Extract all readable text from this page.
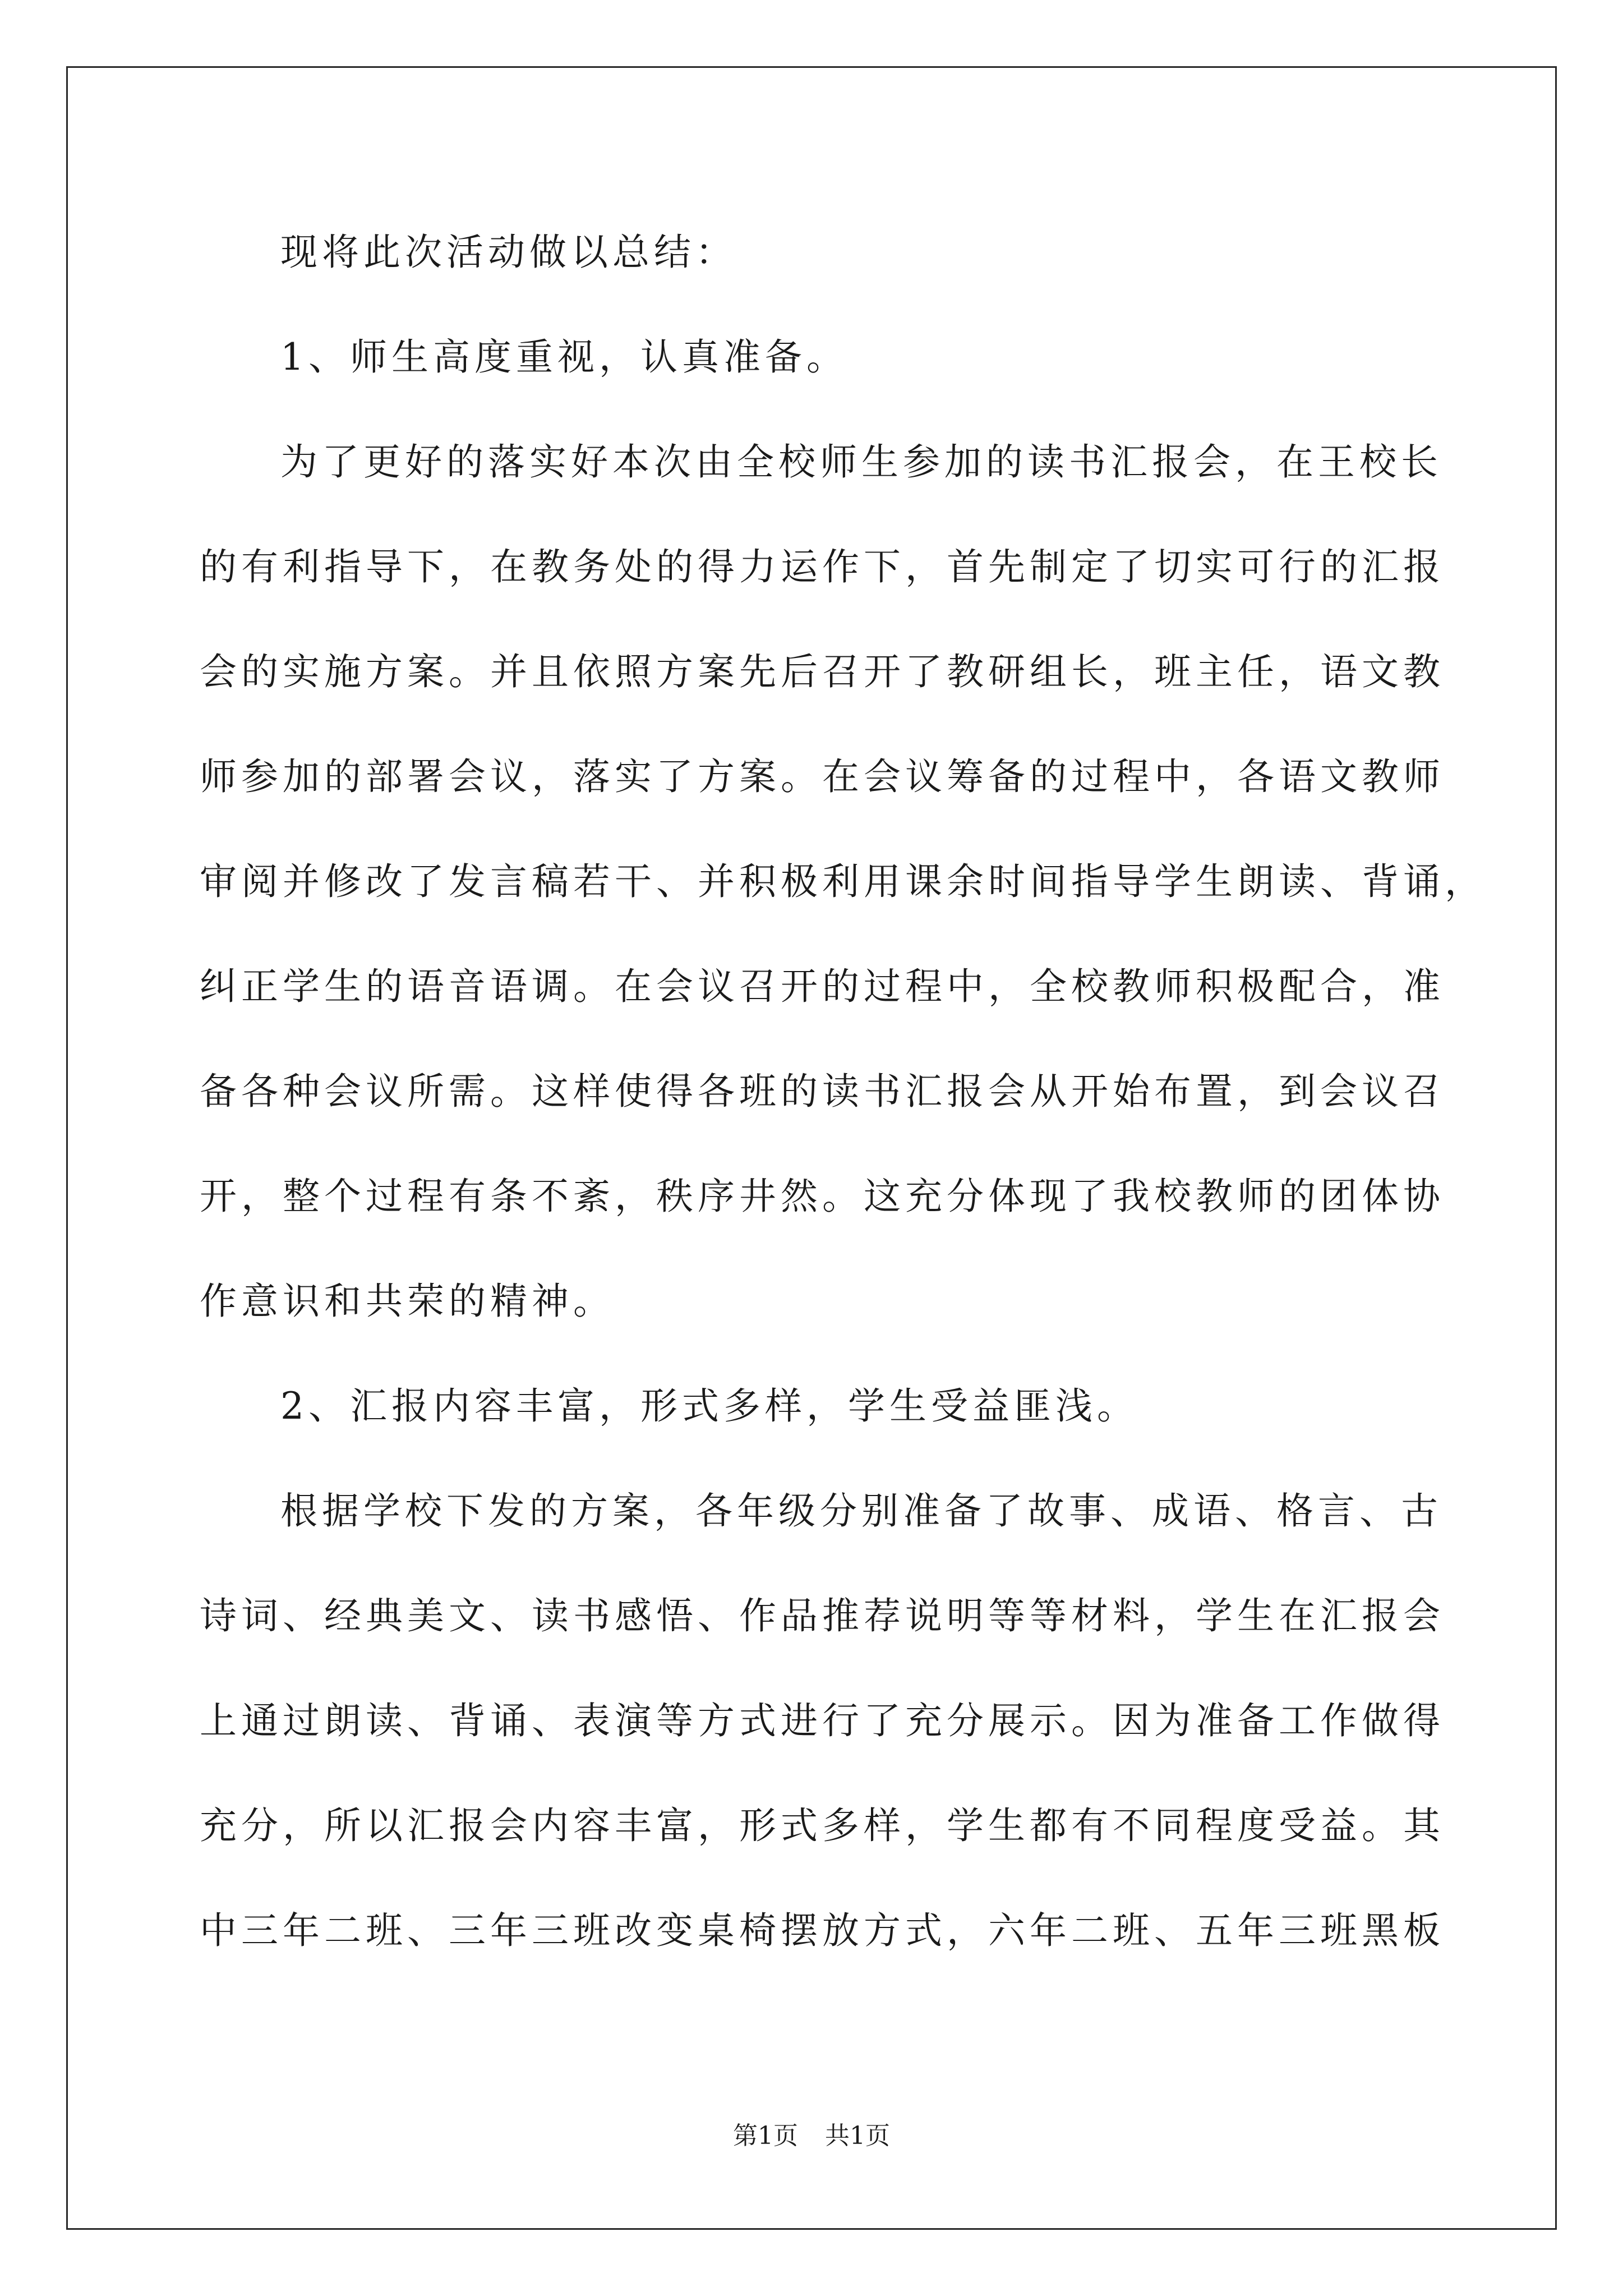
现将此次活动做以总结：
1、师生高度重视，认真准备。
为了更好的落实好本次由全校师生参加的读书汇报会，在王校长
的有利指导下，在教务处的得力运作下，首先制定了切实可行的汇报
会的实施方案。并且依照方案先后召开了教研组长，班主任，语文教
师参加的部署会议，落实了方案。在会议筹备的过程中，各语文教师
审阅并修改了发言稿若干、并积极利用课余时间指导学生朗读、背诵，
纠正学生的语音语调。在会议召开的过程中，全校教师积极配合，准
备各种会议所需。这样使得各班的读书汇报会从开始布置，到会议召
开，整个过程有条不紊，秩序井然。这充分体现了我校教师的团体协
作意识和共荣的精神。
2、汇报内容丰富，形式多样，学生受益匪浅。
根据学校下发的方案，各年级分别准备了故事、成语、格言、古
诗词、经典美文、读书感悟、作品推荐说明等等材料，学生在汇报会
上通过朗读、背诵、表演等方式进行了充分展示。因为准备工作做得
充分，所以汇报会内容丰富，形式多样，学生都有不同程度受益。其
中三年二班、三年三班改变桌椅摆放方式，六年二班、五年三班黑板
第1页 共1页
